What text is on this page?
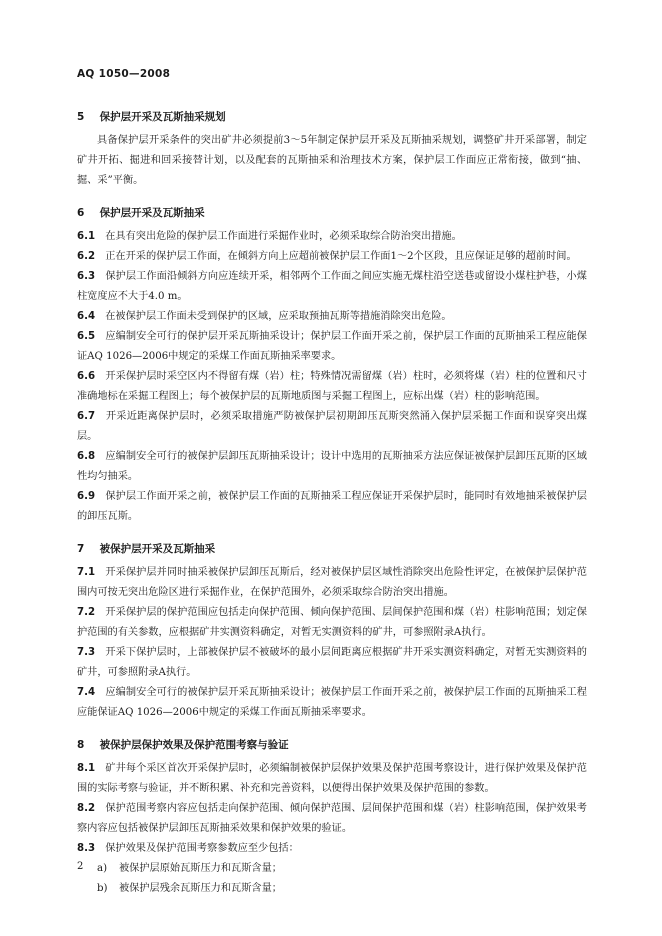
AQ 1050—2008
5 保护层开采及瓦斯抽采规划

具备保护层开采条件的突出矿井必须提前3～5年制定保护层开采及瓦斯抽采规划，调整矿井开采部署，制定矿井开拓、掘进和回采接替计划，以及配套的瓦斯抽采和治理技术方案，保护层工作面应正常衔接，做到“抽、掘、采”平衡。

6 保护层开采及瓦斯抽采

6.1　 在具有突出危险的保护层工作面进行采掘作业时，必须采取综合防治突出措施。

6.2　 正在开采的保护层工作面，在倾斜方向上应超前被保护层工作面1～2个区段，且应保证足够的超前时间。

6.3　 保护层工作面沿倾斜方向应连续开采，相邻两个工作面之间应实施无煤柱沿空送巷或留设小煤柱护巷，小煤柱宽度应不大于4.0 m。

6.4　 在被保护层工作面未受到保护的区域，应采取预抽瓦斯等措施消除突出危险。

6.5　 应编制安全可行的保护层开采瓦斯抽采设计；保护层工作面开采之前，保护层工作面的瓦斯抽采工程应能保证AQ 1026—2006中规定的采煤工作面瓦斯抽采率要求。

6.6　 开采保护层时采空区内不得留有煤（岩）柱；特殊情况需留煤（岩）柱时，必须将煤（岩）柱的位置和尺寸准确地标在采掘工程图上；每个被保护层的瓦斯地质图与采掘工程图上，应标出煤（岩）柱的影响范围。

6.7　 开采近距离保护层时，必须采取措施严防被保护层初期卸压瓦斯突然涌入保护层采掘工作面和误穿突出煤层。

6.8　 应编制安全可行的被保护层卸压瓦斯抽采设计；设计中选用的瓦斯抽采方法应保证被保护层卸压瓦斯的区域性均匀抽采。

6.9　 保护层工作面开采之前，被保护层工作面的瓦斯抽采工程应保证开采保护层时，能同时有效地抽采被保护层的卸压瓦斯。

7 被保护层开采及瓦斯抽采

7.1　 开采保护层并同时抽采被保护层卸压瓦斯后，经对被保护层区域性消除突出危险性评定，在被保护层保护范围内可按无突出危险区进行采掘作业，在保护范围外，必须采取综合防治突出措施。

7.2　 开采保护层的保护范围应包括走向保护范围、倾向保护范围、层间保护范围和煤（岩）柱影响范围；划定保护范围的有关参数，应根据矿井实测资料确定，对暂无实测资料的矿井，可参照附录A执行。

7.3　 开采下保护层时，上部被保护层不被破坏的最小层间距离应根据矿井开采实测资料确定，对暂无实测资料的矿井，可参照附录A执行。

7.4　 应编制安全可行的被保护层开采瓦斯抽采设计；被保护层工作面开采之前，被保护层工作面的瓦斯抽采工程应能保证AQ 1026—2006中规定的采煤工作面瓦斯抽采率要求。

8 被保护层保护效果及保护范围考察与验证

8.1　 矿井每个采区首次开采保护层时，必须编制被保护层保护效果及保护范围考察设计，进行保护效果及保护范围的实际考察与验证，并不断积累、补充和完善资料，以便得出保护效果及保护范围的参数。

8.2　 保护范围考察内容应包括走向保护范围、倾向保护范围、层间保护范围和煤（岩）柱影响范围，保护效果考察内容应包括被保护层卸压瓦斯抽采效果和保护效果的验证。

8.3　 保护效果及保护范围考察参数应至少包括：

a) 被保护层原始瓦斯压力和瓦斯含量；

b) 被保护层残余瓦斯压力和瓦斯含量；

2
